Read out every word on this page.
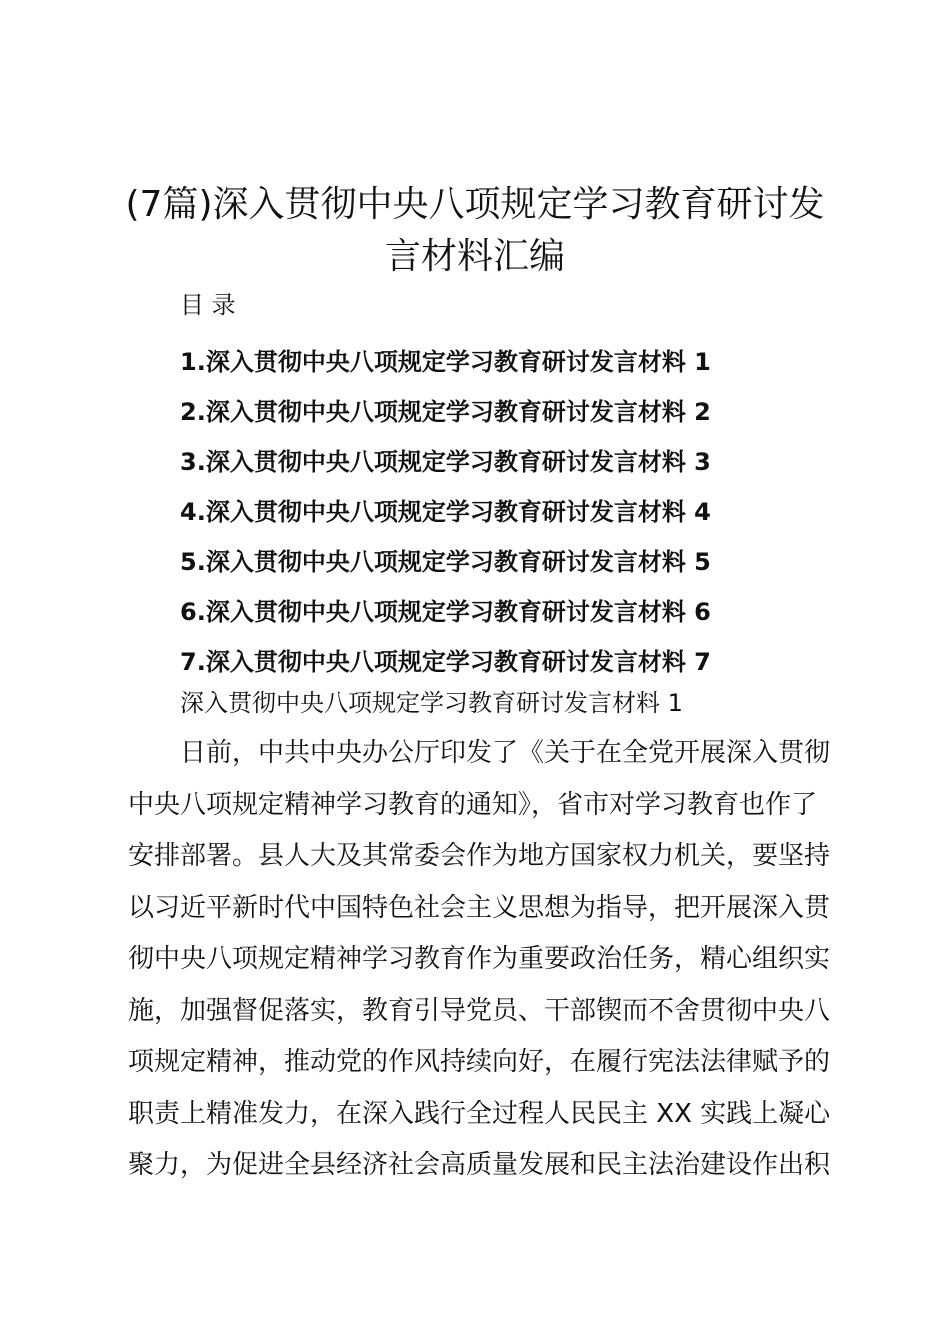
(7篇)深入贯彻中央八项规定学习教育研讨发
言材料汇编
目 录
1.深入贯彻中央八项规定学习教育研讨发言材料 1
2.深入贯彻中央八项规定学习教育研讨发言材料 2
3.深入贯彻中央八项规定学习教育研讨发言材料 3
4.深入贯彻中央八项规定学习教育研讨发言材料 4
5.深入贯彻中央八项规定学习教育研讨发言材料 5
6.深入贯彻中央八项规定学习教育研讨发言材料 6
7.深入贯彻中央八项规定学习教育研讨发言材料 7
深入贯彻中央八项规定学习教育研讨发言材料 1
日前，中共中央办公厅印发了《关于在全党开展深入贯彻
中央八项规定精神学习教育的通知》，省市对学习教育也作了
安排部署。县人大及其常委会作为地方国家权力机关，要坚持
以习近平新时代中国特色社会主义思想为指导，把开展深入贯
彻中央八项规定精神学习教育作为重要政治任务，精心组织实
施，加强督促落实，教育引导党员、干部锲而不舍贯彻中央八
项规定精神，推动党的作风持续向好，在履行宪法法律赋予的
职责上精准发力，在深入践行全过程人民民主 XX 实践上凝心
聚力，为促进全县经济社会高质量发展和民主法治建设作出积
